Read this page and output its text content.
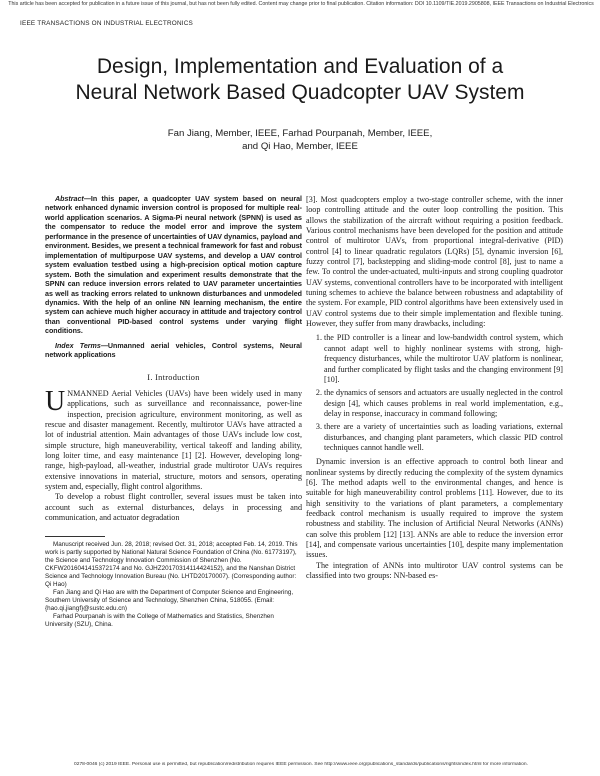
This article has been accepted for publication in a future issue of this journal, but has not been fully edited. Content may change prior to final publication. Citation information: DOI 10.1109/TIE.2019.2905808, IEEE Transactions on Industrial Electronics
IEEE TRANSACTIONS ON INDUSTRIAL ELECTRONICS
Design, Implementation and Evaluation of a
Neural Network Based Quadcopter UAV System
Fan Jiang, Member, IEEE, Farhad Pourpanah, Member, IEEE,
and Qi Hao, Member, IEEE

Abstract—In this paper, a quadcopter UAV system based on neural network enhanced dynamic inversion control is proposed for multiple real-world application scenarios. A Sigma-Pi neural network (SPNN) is used as the compensator to reduce the model error and improve the system performance in the presence of uncertainties of UAV dynamics, payload and environment. Besides, we present a technical framework for fast and robust implementation of multipurpose UAV systems, and develop a UAV control system evaluation testbed using a high-precision optical motion capture system. Both the simulation and experiment results demonstrate that the SPNN can reduce inversion errors related to UAV parameter uncertainties as well as tracking errors related to unknown disturbances and unmodeled dynamics. With the help of an online NN learning mechanism, the entire system can achieve much higher accuracy in attitude and trajectory control than conventional PID-based control systems under varying flight conditions.

Index Terms—Unmanned aerial vehicles, Control systems, Neural network applications

I. Introduction

UNMANNED Aerial Vehicles (UAVs) have been widely used in many applications, such as surveillance and reconnaissance, power-line inspection, precision agriculture, environment monitoring, as well as rescue and disaster management. Recently, multirotor UAVs have attracted a lot of industrial attention. Main advantages of those UAVs include low cost, simple structure, high maneuverability, vertical takeoff and landing ability, long loiter time, and easy maintenance [1] [2]. However, developing long-range, high-payload, all-weather, industrial grade multirotor UAVs requires extensive innovations in material, structure, motors and sensors, operating system and, especially, flight control algorithms.

To develop a robust flight controller, several issues must be taken into account such as external disturbances, delays in processing and communication, and actuator degradation

Manuscript received Jun. 28, 2018; revised Oct. 31, 2018; accepted Feb. 14, 2019. This work is partly supported by National Natural Science Foundation of China (No. 61773197), the Science and Technology Innovation Commission of Shenzhen (No. CKFW2016041415372174 and No. GJHZ20170314114424152), and the Nanshan District Science and Technology Innovation Bureau (No. LHTD20170007). (Corresponding author: Qi Hao)

Fan Jiang and Qi Hao are with the Department of Computer Science and Engineering, Southern University of Science and Technology, Shenzhen China, 518055. (Email: {hao.qi,jiangf}@sustc.edu.cn)

Farhad Pourpanah is with the College of Mathematics and Statistics, Shenzhen University (SZU), China.

[3]. Most quadcopters employ a two-stage controller scheme, with the inner loop controlling attitude and the outer loop controlling the position. This allows the stabilization of the aircraft without requiring a position feedback. Various control mechanisms have been developed for the position and attitude control of multirotor UAVs, from proportional integral-derivative (PID) control [4] to linear quadratic regulators (LQRs) [5], dynamic inversion [6], fuzzy control [7], backstepping and sliding-mode control [8], just to name a few. To control the under-actuated, multi-inputs and strong coupling quadrotor UAV systems, conventional controllers have to be incorporated with intelligent tuning schemes to achieve the balance between robustness and adaptability of the system. For example, PID control algorithms have been extensively used in UAV control systems due to their simple implementation and flexible tuning. However, they suffer from many drawbacks, including:

1. the PID controller is a linear and low-bandwidth control system, which cannot adapt well to highly nonlinear systems with strong, high-frequency disturbances, while the multirotor UAV platform is nonlinear, and further complicated by flight tasks and the changing environment [9] [10].
2. the dynamics of sensors and actuators are usually neglected in the control design [4], which causes problems in real world implementation, e.g., delay in response, inaccuracy in command following;
3. there are a variety of uncertainties such as loading variations, external disturbances, and changing plant parameters, which classic PID control techniques cannot handle well.

Dynamic inversion is an effective approach to control both linear and nonlinear systems by directly reducing the complexity of the system dynamics [6]. The method adapts well to the environmental changes, and hence is suitable for high maneuverability control problems [11]. However, due to its high sensitivity to the variations of plant parameters, a complementary feedback control mechanism is usually required to improve the system robustness and stability. The inclusion of Artificial Neural Networks (ANNs) can solve this problem [12] [13]. ANNs are able to reduce the inversion error [14], and compensate various uncertainties [10], despite many implementation issues.

The integration of ANNs into multirotor UAV control systems can be classified into two groups: NN-based es-

0278-0046 (c) 2019 IEEE. Personal use is permitted, but republication/redistribution requires IEEE permission. See http://www.ieee.org/publications_standards/publications/rights/index.html for more information.
